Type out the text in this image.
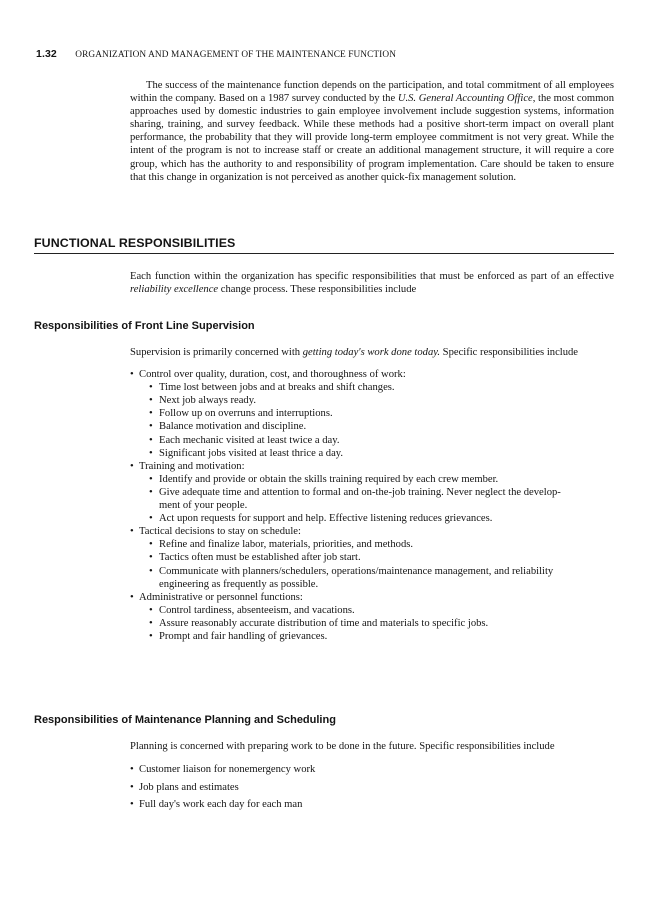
1.32 ORGANIZATION AND MANAGEMENT OF THE MAINTENANCE FUNCTION

The success of the maintenance function depends on the participation, and total commitment of all employees within the company. Based on a 1987 survey conducted by the U.S. General Accounting Office, the most common approaches used by domestic industries to gain employee involvement include suggestion systems, information sharing, training, and survey feedback. While these methods had a positive short-term impact on overall plant performance, the probability that they will provide long-term employee commitment is not very great. While the intent of the program is not to increase staff or create an additional management structure, it will require a core group, which has the authority to and responsibility of program implementation. Care should be taken to ensure that this change in organization is not perceived as another quick-fix management solution.

FUNCTIONAL RESPONSIBILITIES

Each function within the organization has specific responsibilities that must be enforced as part of an effective reliability excellence change process. These responsibilities include

Responsibilities of Front Line Supervision

Supervision is primarily concerned with getting today's work done today. Specific responsibilities include

• Control over quality, duration, cost, and thoroughness of work:
• Time lost between jobs and at breaks and shift changes.
• Next job always ready.
• Follow up on overruns and interruptions.
• Balance motivation and discipline.
• Each mechanic visited at least twice a day.
• Significant jobs visited at least thrice a day.
• Training and motivation:
• Identify and provide or obtain the skills training required by each crew member.
• Give adequate time and attention to formal and on-the-job training. Never neglect the develop-
ment of your people.
• Act upon requests for support and help. Effective listening reduces grievances.
• Tactical decisions to stay on schedule:
• Refine and finalize labor, materials, priorities, and methods.
• Tactics often must be established after job start.
• Communicate with planners/schedulers, operations/maintenance management, and reliability
engineering as frequently as possible.
• Administrative or personnel functions:
• Control tardiness, absenteeism, and vacations.
• Assure reasonably accurate distribution of time and materials to specific jobs.
• Prompt and fair handling of grievances.
Responsibilities of Maintenance Planning and Scheduling

Planning is concerned with preparing work to be done in the future. Specific responsibilities include

• Customer liaison for nonemergency work
• Job plans and estimates
• Full day's work each day for each man
